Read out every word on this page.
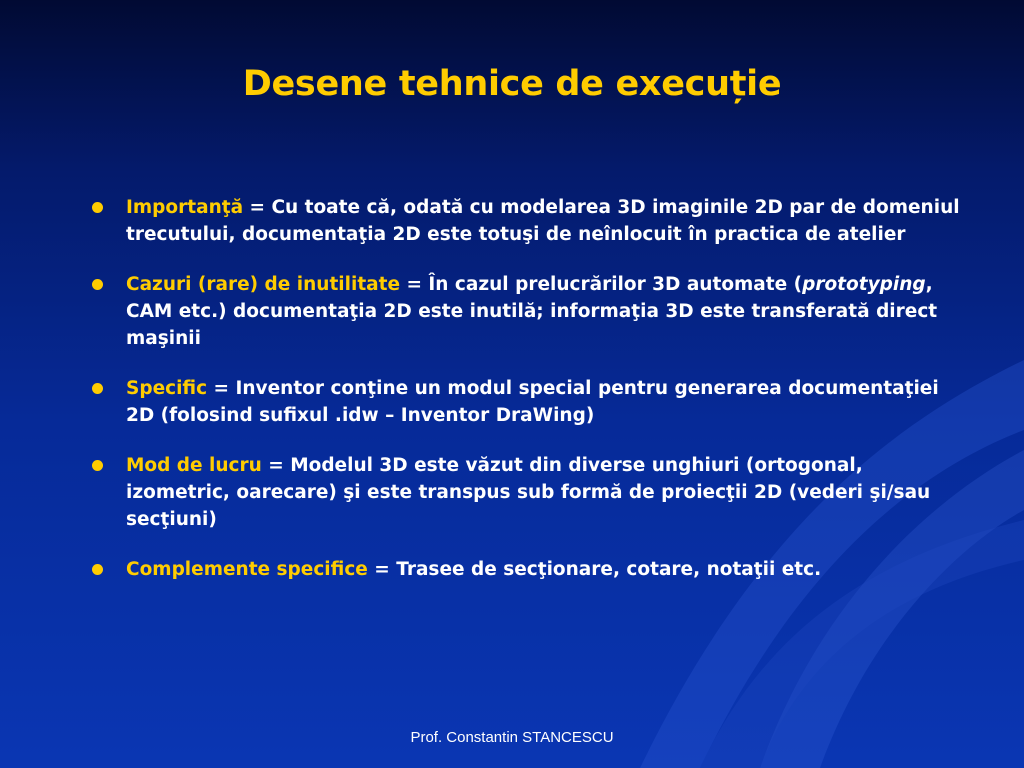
Desene tehnice de execuție
Importanţă = Cu toate că, odată cu modelarea 3D imaginile 2D par de domeniul trecutului, documentaţia 2D este totuşi de neînlocuit în practica de atelier
Cazuri (rare) de inutilitate = În cazul prelucrărilor 3D automate (prototyping, CAM etc.) documentaţia 2D este inutilă; informaţia 3D este transferată direct maşinii
Specific = Inventor conţine un modul special pentru generarea documentaţiei 2D (folosind sufixul .idw – Inventor DraWing)
Mod de lucru = Modelul 3D este văzut din diverse unghiuri (ortogonal, izometric, oarecare) şi este transpus sub formă de proiecţii 2D (vederi şi/sau secţiuni)
Complemente specifice = Trasee de secţionare, cotare, notaţii etc.
Prof. Constantin STANCESCU
